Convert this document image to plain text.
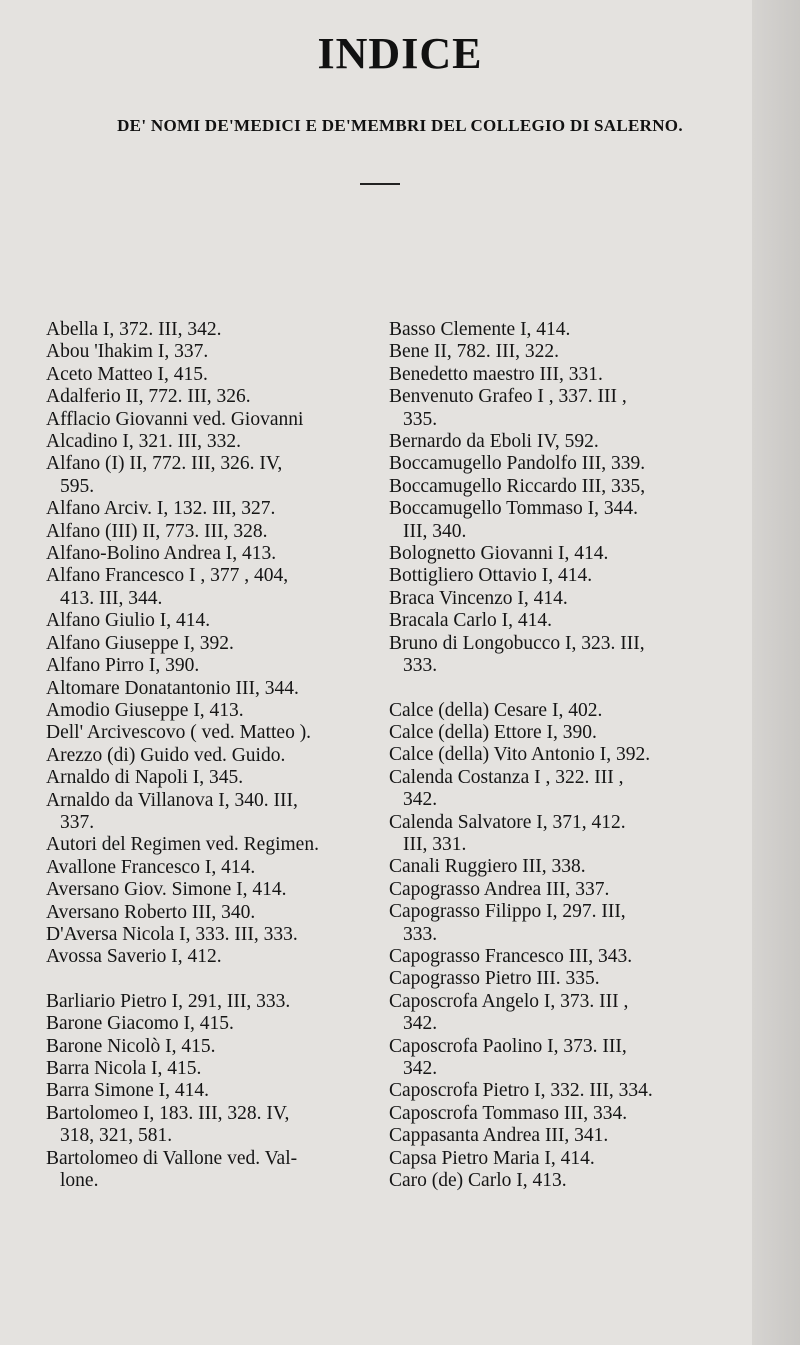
INDICE
DE' NOMI DE'MEDICI E DE'MEMBRI DEL COLLEGIO DI SALERNO.
Abella I, 372. III, 342.
Abou 'Ihakim I, 337.
Aceto Matteo I, 415.
Adalferio II, 772. III, 326.
Afflacio Giovanni ved. Giovanni
Alcadino I, 321. III, 332.
Alfano (I) II, 772. III, 326. IV,
595.
Alfano Arciv. I, 132. III, 327.
Alfano (III) II, 773. III, 328.
Alfano-Bolino Andrea I, 413.
Alfano Francesco I , 377 , 404,
413. III, 344.
Alfano Giulio I, 414.
Alfano Giuseppe I, 392.
Alfano Pirro I, 390.
Altomare Donatantonio III, 344.
Amodio Giuseppe I, 413.
Dell' Arcivescovo ( ved. Matteo ).
Arezzo (di) Guido ved. Guido.
Arnaldo di Napoli I, 345.
Arnaldo da Villanova I, 340. III,
337.
Autori del Regimen ved. Regimen.
Avallone Francesco I, 414.
Aversano Giov. Simone I, 414.
Aversano Roberto III, 340.
D'Aversa Nicola I, 333. III, 333.
Avossa Saverio I, 412.
Barliario Pietro I, 291, III, 333.
Barone Giacomo I, 415.
Barone Nicolò I, 415.
Barra Nicola I, 415.
Barra Simone I, 414.
Bartolomeo I, 183. III, 328. IV,
318, 321, 581.
Bartolomeo di Vallone ved. Val-
lone.
Basso Clemente I, 414.
Bene II, 782. III, 322.
Benedetto maestro III, 331.
Benvenuto Grafeo I , 337. III ,
335.
Bernardo da Eboli IV, 592.
Boccamugello Pandolfo III, 339.
Boccamugello Riccardo III, 335,
Boccamugello Tommaso I, 344.
III, 340.
Bolognetto Giovanni I, 414.
Bottigliero Ottavio I, 414.
Braca Vincenzo I, 414.
Bracala Carlo I, 414.
Bruno di Longobucco I, 323. III,
333.
Calce (della) Cesare I, 402.
Calce (della) Ettore I, 390.
Calce (della) Vito Antonio I, 392.
Calenda Costanza I , 322. III ,
342.
Calenda Salvatore I, 371, 412.
III, 331.
Canali Ruggiero III, 338.
Capograsso Andrea III, 337.
Capograsso Filippo I, 297. III,
333.
Capograsso Francesco III, 343.
Capograsso Pietro III. 335.
Caposcrofa Angelo I, 373. III ,
342.
Caposcrofa Paolino I, 373. III,
342.
Caposcrofa Pietro I, 332. III, 334.
Caposcrofa Tommaso III, 334.
Cappasanta Andrea III, 341.
Capsa Pietro Maria I, 414.
Caro (de) Carlo I, 413.
